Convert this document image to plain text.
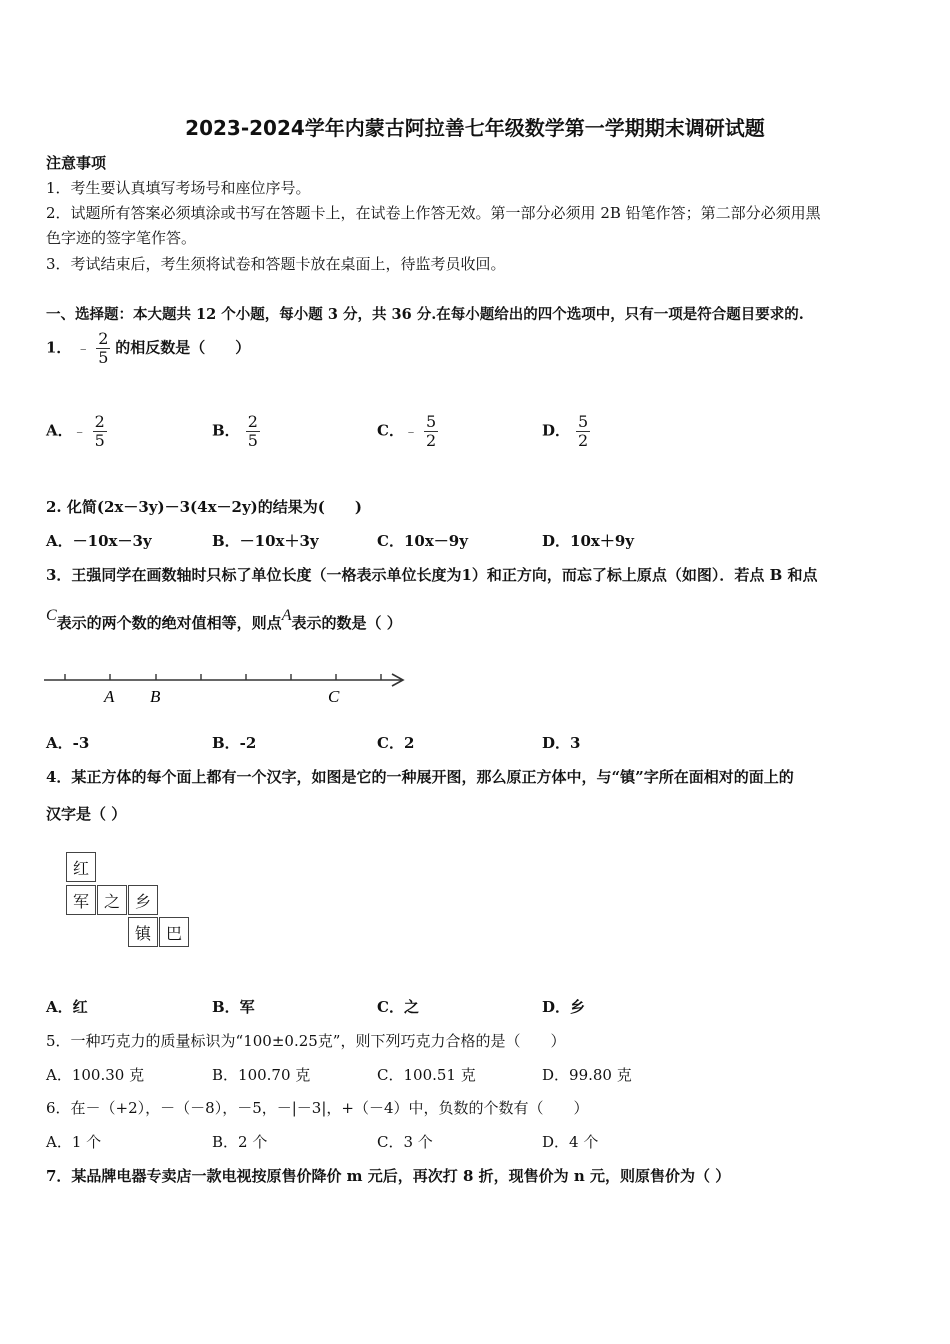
2023-2024学年内蒙古阿拉善七年级数学第一学期期末调研试题
注意事项
1．考生要认真填写考场号和座位序号。
2．试题所有答案必须填涂或书写在答题卡上，在试卷上作答无效。第一部分必须用 2B 铅笔作答；第二部分必须用黑
色字迹的签字笔作答。
3．考试结束后，考生须将试卷和答题卡放在桌面上，待监考员收回。
一、选择题：本大题共 12 个小题，每小题 3 分，共 36 分.在每小题给出的四个选项中，只有一项是符合题目要求的.
1． ﹣ $\frac{2}{5}$ 的相反数是（　　）
A．﹣ $\frac{2}{5}$	B． $\frac{2}{5}$	C．﹣ $\frac{5}{2}$	D． $\frac{5}{2}$
2. 化简(2x－3y)－3(4x－2y)的结果为(　　)
A．－10x－3y	B．－10x＋3y	C．10x－9y	D．10x＋9y
3．王强同学在画数轴时只标了单位长度（一格表示单位长度为1）和正方向，而忘了标上原点（如图）．若点 B 和点
C表示的两个数的绝对值相等，则点A表示的数是（ ）
A B	C
A．-3	B．-2	C．2	D．3
4．某正方体的每个面上都有一个汉字，如图是它的一种展开图，那么原正方体中，与“镇”字所在面相对的面上的
汉字是（ ）
红
军 之 乡
镇 巴
A．红	B．军	C．之	D．乡
5．一种巧克力的质量标识为“100±0.25克”，则下列巧克力合格的是（　　）
A．100.30 克	B．100.70 克	C．100.51 克	D．99.80 克
6．在－（+2），－（－8），－5，－|－3|，+（－4）中，负数的个数有（　　）
A．1 个	B．2 个	C．3 个	D．4 个
7．某品牌电器专卖店一款电视按原售价降价 m 元后，再次打 8 折，现售价为 n 元，则原售价为（ ）
